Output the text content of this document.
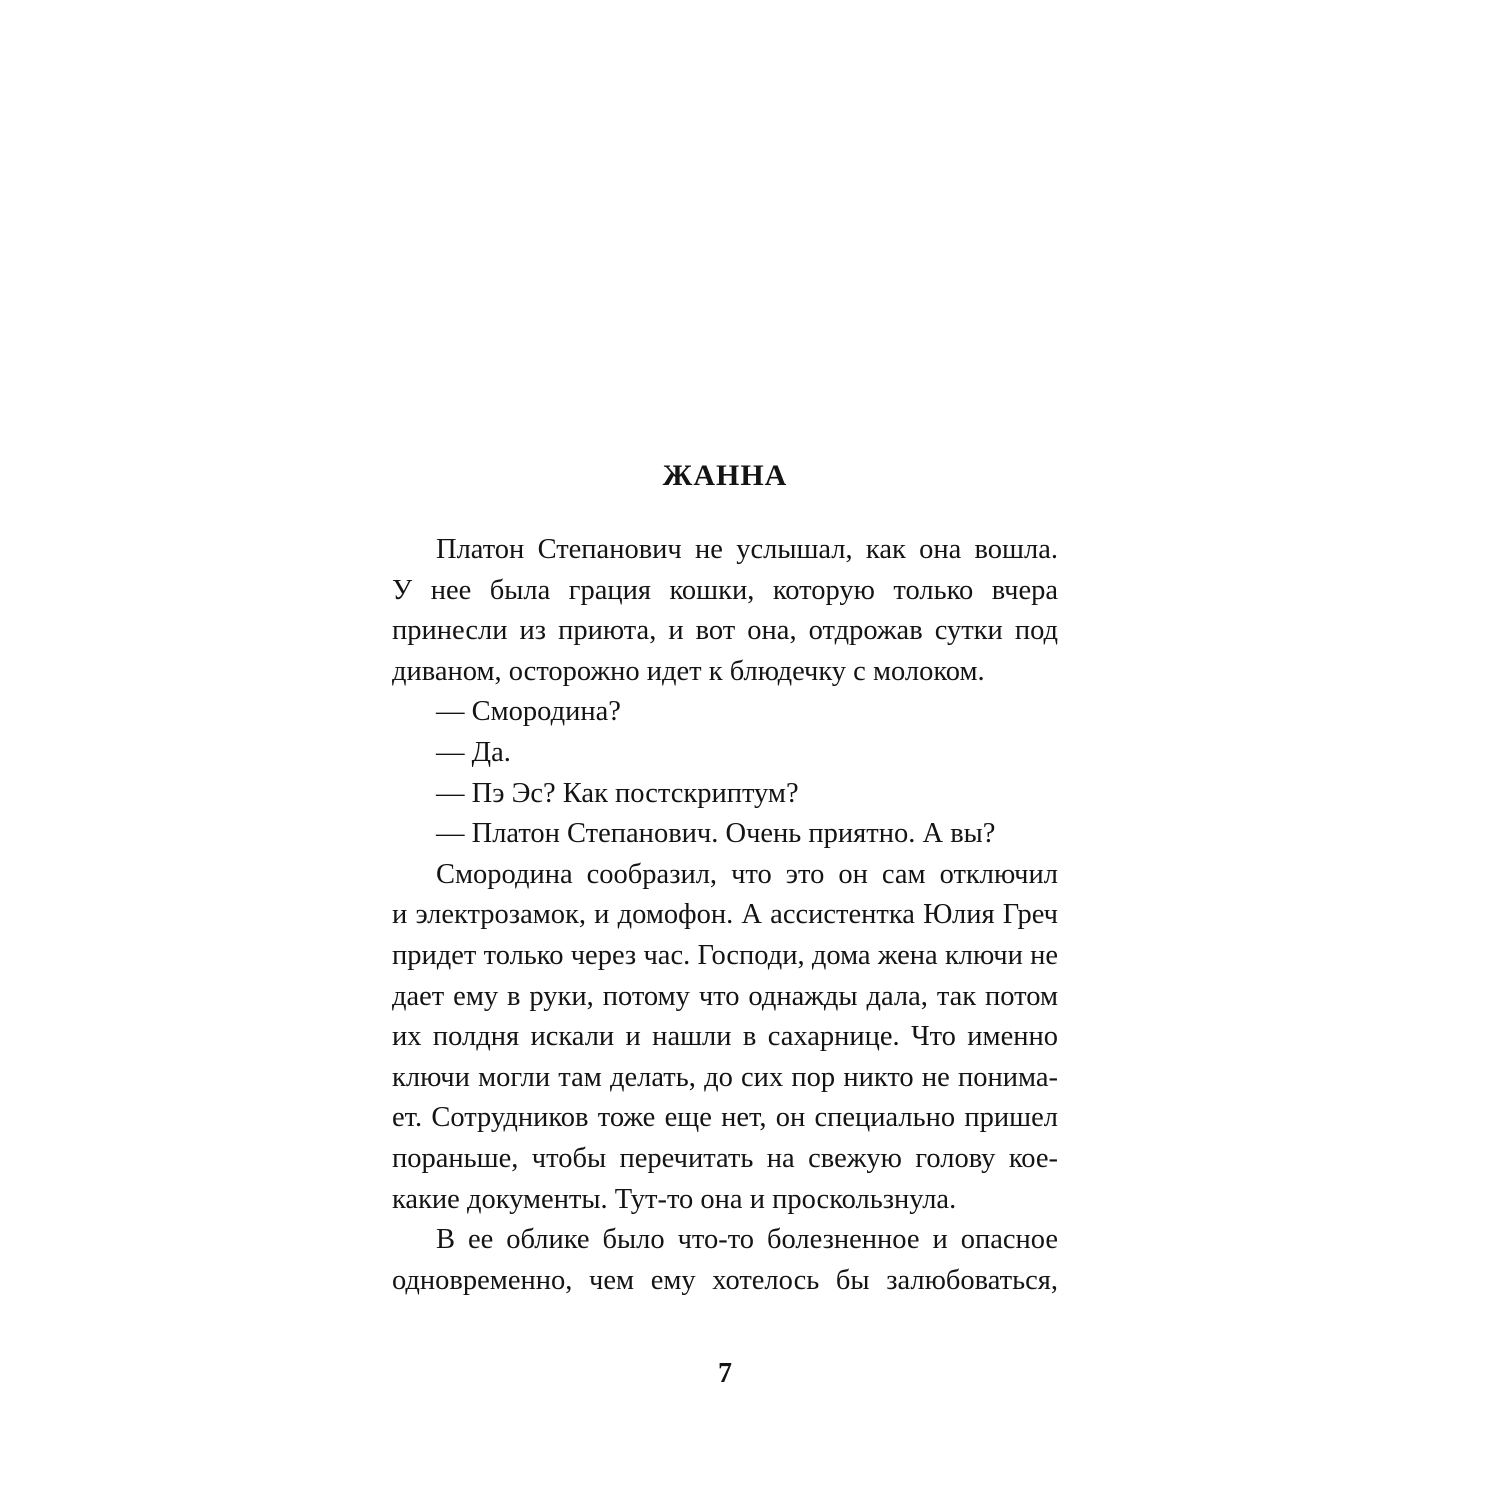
ЖАННА
Платон Степанович не услышал, как она вошла.
У нее была грация кошки, которую только вчера
принесли из приюта, и вот она, отдрожав сутки под
диваном, осторожно идет к блюдечку с молоком.
— Смородина?
— Да.
— Пэ Эс? Как постскриптум?
— Платон Степанович. Очень приятно. А вы?
Смородина сообразил, что это он сам отключил
и электрозамок, и домофон. А ассистентка Юлия Греч
придет только через час. Господи, дома жена ключи не
дает ему в руки, потому что однажды дала, так потом
их полдня искали и нашли в сахарнице. Что именно
ключи могли там делать, до сих пор никто не понима-
ет. Сотрудников тоже еще нет, он специально пришел
пораньше, чтобы перечитать на свежую голову кое-
какие документы. Тут-то она и проскользнула.
В ее облике было что-то болезненное и опасное
одновременно, чем ему хотелось бы залюбоваться,
7
